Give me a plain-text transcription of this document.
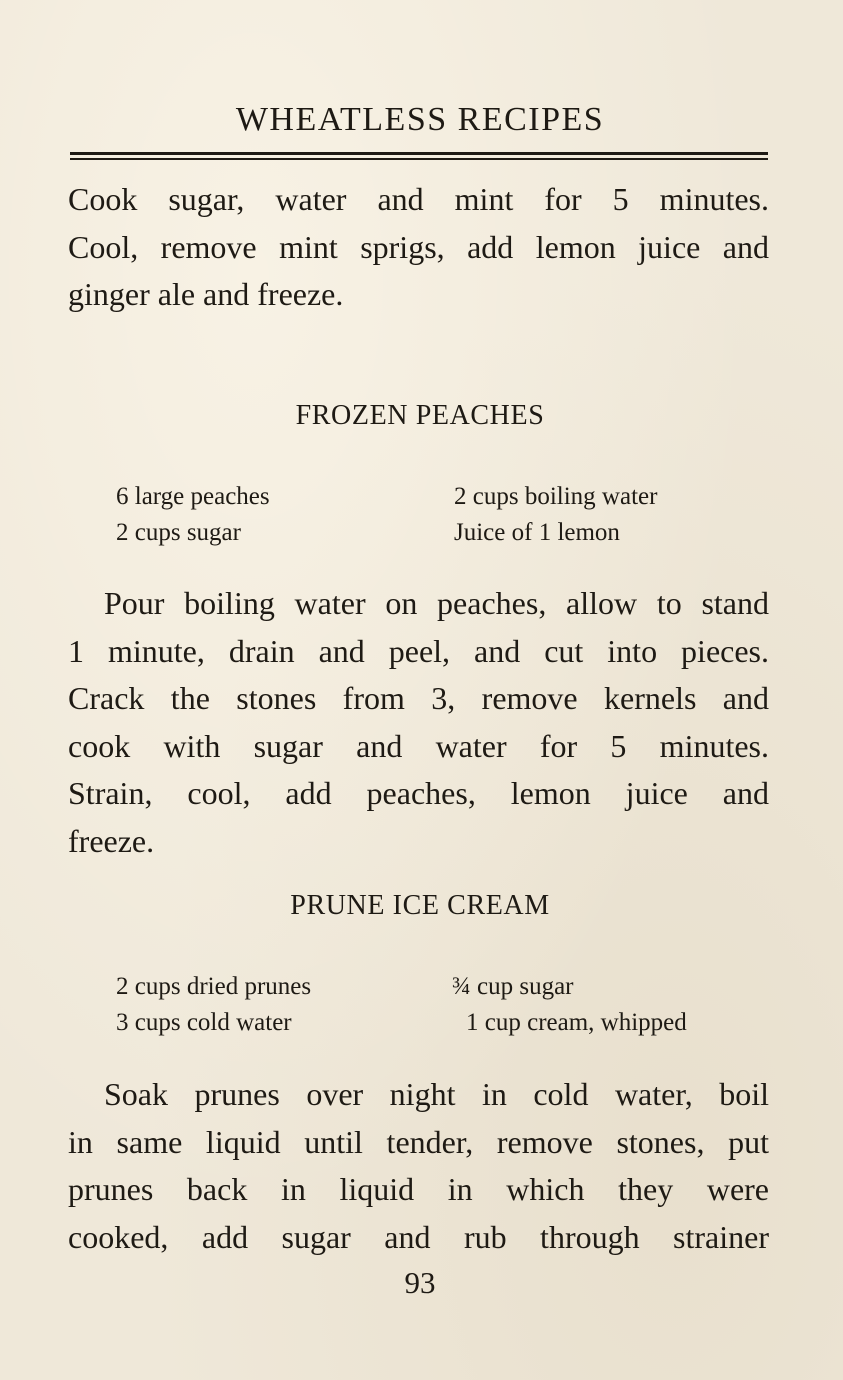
WHEATLESS RECIPES
Cook sugar, water and mint for 5 minutes.
Cool, remove mint sprigs, add lemon juice and
ginger ale and freeze.
FROZEN PEACHES
6 large peaches	2 cups boiling water
2 cups sugar	Juice of 1 lemon
Pour boiling water on peaches, allow to stand
1 minute, drain and peel, and cut into pieces.
Crack the stones from 3, remove kernels and
cook with sugar and water for 5 minutes.
Strain, cool, add peaches, lemon juice and
freeze.
PRUNE ICE CREAM
2 cups dried prunes	¾ cup sugar
3 cups cold water	1 cup cream, whipped
Soak prunes over night in cold water, boil
in same liquid until tender, remove stones, put
prunes back in liquid in which they were
cooked, add sugar and rub through strainer
93
